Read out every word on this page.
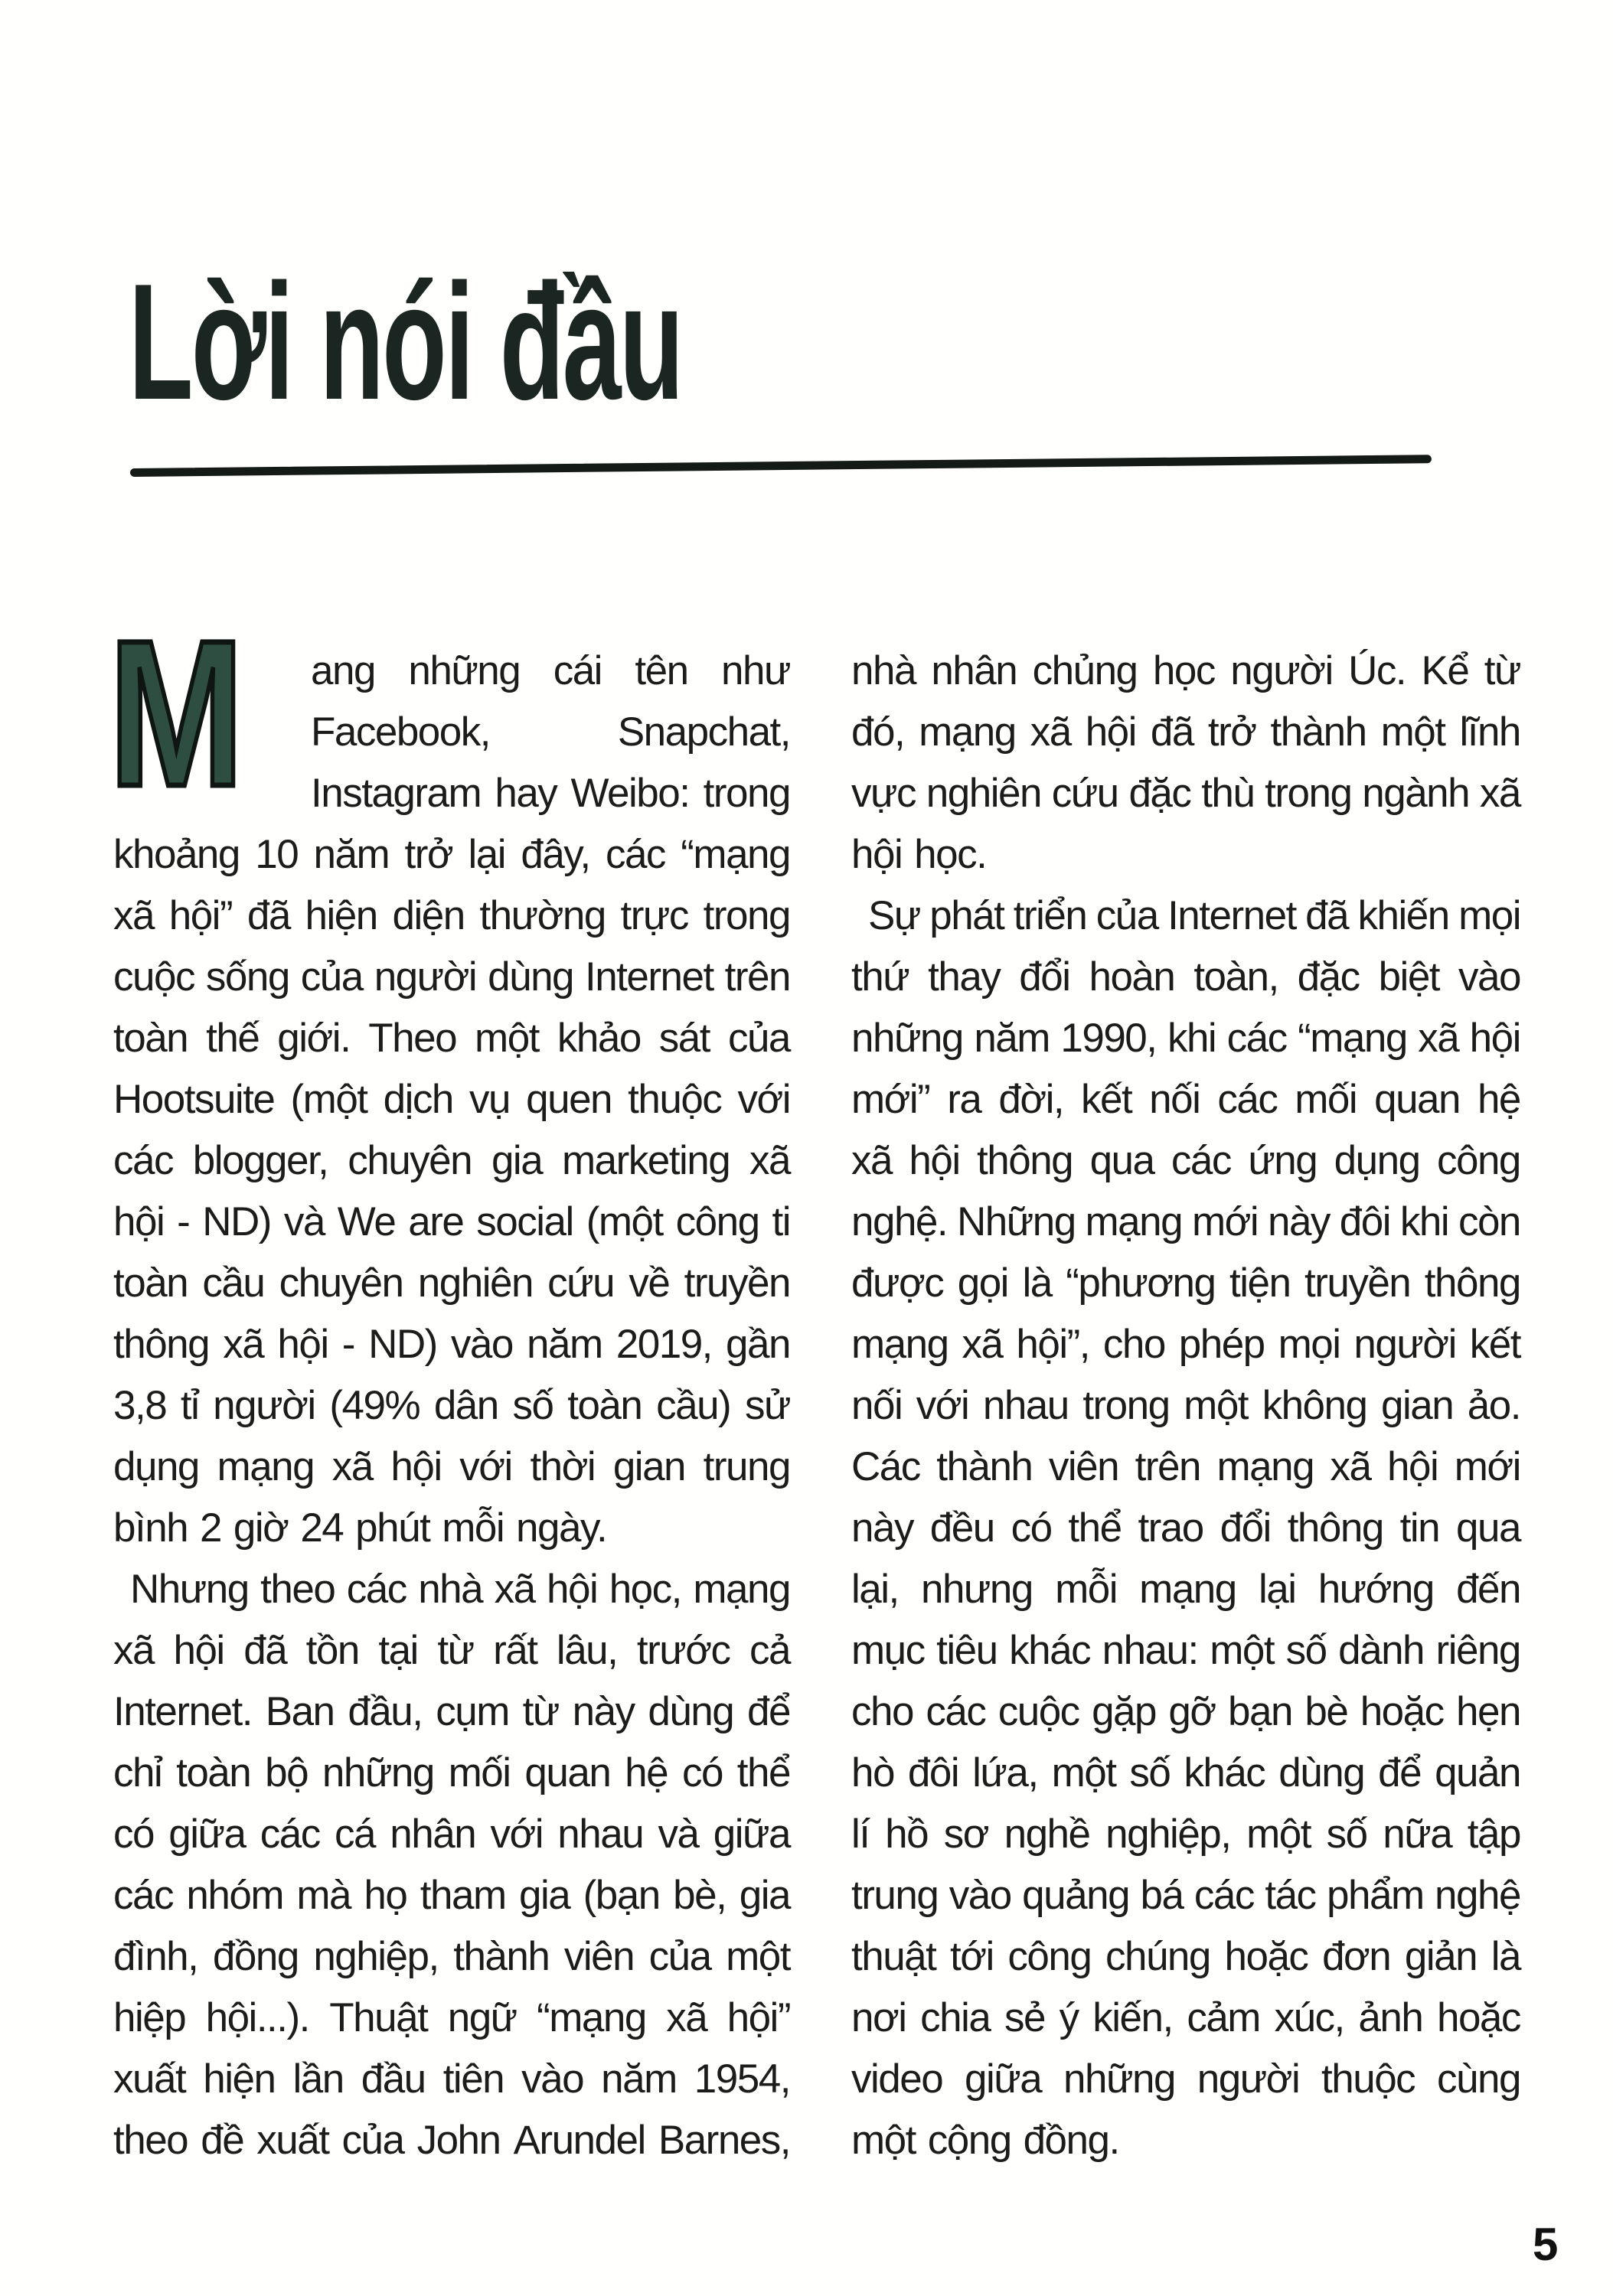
Lời nói đầu
M ang những cái tên như
Facebook,	Snapchat,
Instagram hay Weibo: trong
khoảng 10 năm trở lại đây, các “mạng
xã hội” đã hiện diện thường trực trong
cuộc sống của người dùng Internet trên
toàn thế giới. Theo một khảo sát của
Hootsuite (một dịch vụ quen thuộc với
các blogger, chuyên gia marketing xã
hội - ND) và We are social (một công ti
toàn cầu chuyên nghiên cứu về truyền
thông xã hội - ND) vào năm 2019, gần
3,8 tỉ người (49% dân số toàn cầu) sử
dụng mạng xã hội với thời gian trung
bình 2 giờ 24 phút mỗi ngày.
Nhưng theo các nhà xã hội học, mạng
xã hội đã tồn tại từ rất lâu, trước cả
Internet. Ban đầu, cụm từ này dùng để
chỉ toàn bộ những mối quan hệ có thể
có giữa các cá nhân với nhau và giữa
các nhóm mà họ tham gia (bạn bè, gia
đình, đồng nghiệp, thành viên của một
hiệp hội...). Thuật ngữ “mạng xã hội”
xuất hiện lần đầu tiên vào năm 1954,
theo đề xuất của John Arundel Barnes,
nhà nhân chủng học người Úc. Kể từ
đó, mạng xã hội đã trở thành một lĩnh
vực nghiên cứu đặc thù trong ngành xã
hội học.
Sự phát triển của Internet đã khiến mọi
thứ thay đổi hoàn toàn, đặc biệt vào
những năm 1990, khi các “mạng xã hội
mới” ra đời, kết nối các mối quan hệ
xã hội thông qua các ứng dụng công
nghệ. Những mạng mới này đôi khi còn
được gọi là “phương tiện truyền thông
mạng xã hội”, cho phép mọi người kết
nối với nhau trong một không gian ảo.
Các thành viên trên mạng xã hội mới
này đều có thể trao đổi thông tin qua
lại, nhưng mỗi mạng lại hướng đến
mục tiêu khác nhau: một số dành riêng
cho các cuộc gặp gỡ bạn bè hoặc hẹn
hò đôi lứa, một số khác dùng để quản
lí hồ sơ nghề nghiệp, một số nữa tập
trung vào quảng bá các tác phẩm nghệ
thuật tới công chúng hoặc đơn giản là
nơi chia sẻ ý kiến, cảm xúc, ảnh hoặc
video giữa những người thuộc cùng
một cộng đồng.
5
